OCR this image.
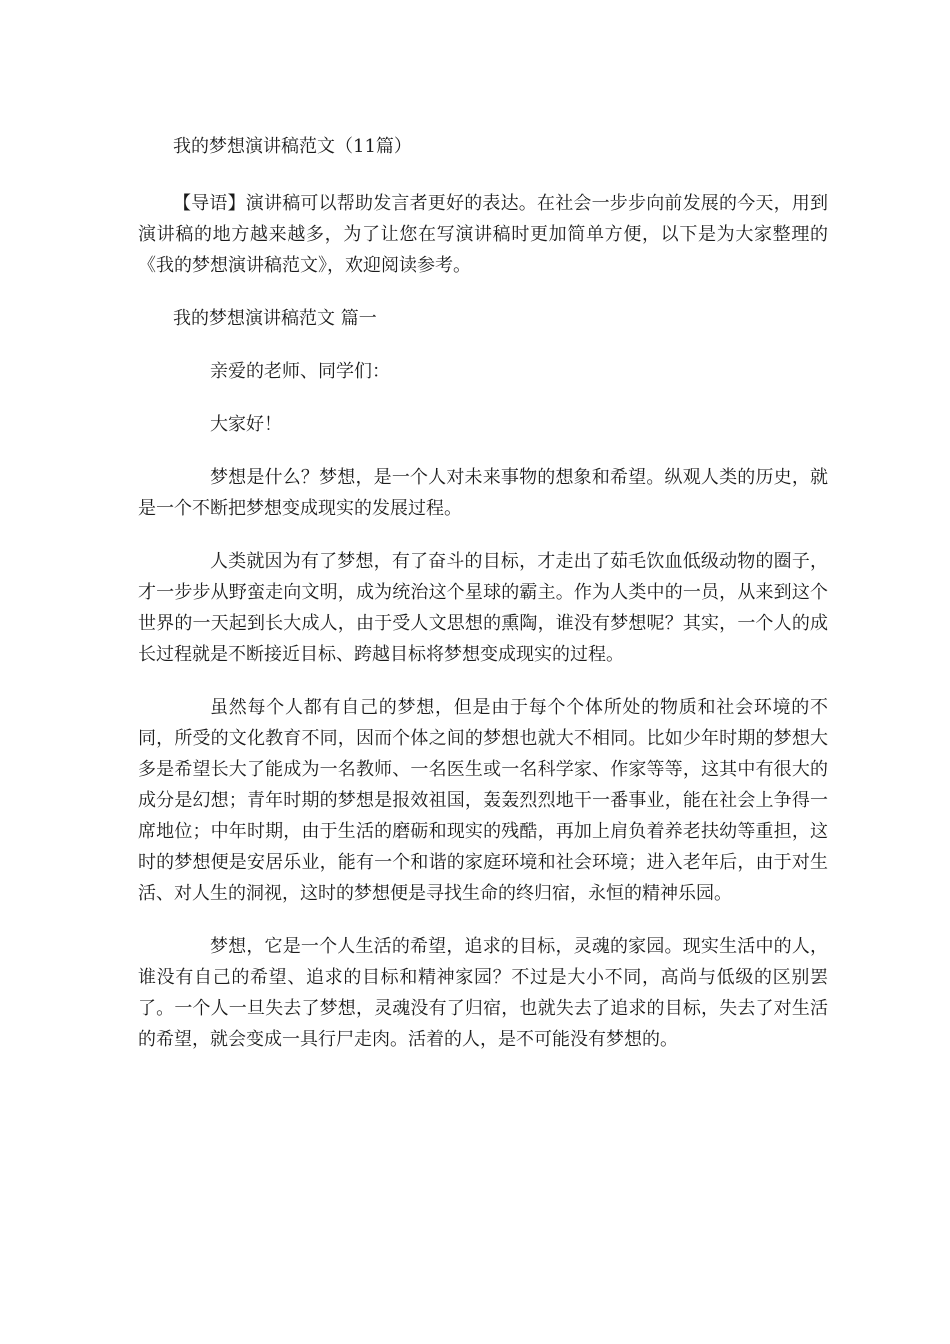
我的梦想演讲稿范文（11篇）

【导语】演讲稿可以帮助发言者更好的表达。在社会一步步向前发展的今天，用到演讲稿的地方越来越多，为了让您在写演讲稿时更加简单方便，以下是为大家整理的《我的梦想演讲稿范文》，欢迎阅读参考。

我的梦想演讲稿范文 篇一

亲爱的老师、同学们：

大家好！

梦想是什么？梦想，是一个人对未来事物的想象和希望。纵观人类的历史，就是一个不断把梦想变成现实的发展过程。

人类就因为有了梦想，有了奋斗的目标，才走出了茹毛饮血低级动物的圈子，才一步步从野蛮走向文明，成为统治这个星球的霸主。作为人类中的一员，从来到这个世界的一天起到长大成人，由于受人文思想的熏陶，谁没有梦想呢？其实，一个人的成长过程就是不断接近目标、跨越目标将梦想变成现实的过程。

虽然每个人都有自己的梦想，但是由于每个个体所处的物质和社会环境的不同，所受的文化教育不同，因而个体之间的梦想也就大不相同。比如少年时期的梦想大多是希望长大了能成为一名教师、一名医生或一名科学家、作家等等，这其中有很大的成分是幻想；青年时期的梦想是报效祖国，轰轰烈烈地干一番事业，能在社会上争得一席地位；中年时期，由于生活的磨砺和现实的残酷，再加上肩负着养老扶幼等重担，这时的梦想便是安居乐业，能有一个和谐的家庭环境和社会环境；进入老年后，由于对生活、对人生的洞视，这时的梦想便是寻找生命的终归宿，永恒的精神乐园。

梦想，它是一个人生活的希望，追求的目标，灵魂的家园。现实生活中的人，谁没有自己的希望、追求的目标和精神家园？不过是大小不同，高尚与低级的区别罢了。一个人一旦失去了梦想，灵魂没有了归宿，也就失去了追求的目标，失去了对生活的希望，就会变成一具行尸走肉。活着的人，是不可能没有梦想的。
